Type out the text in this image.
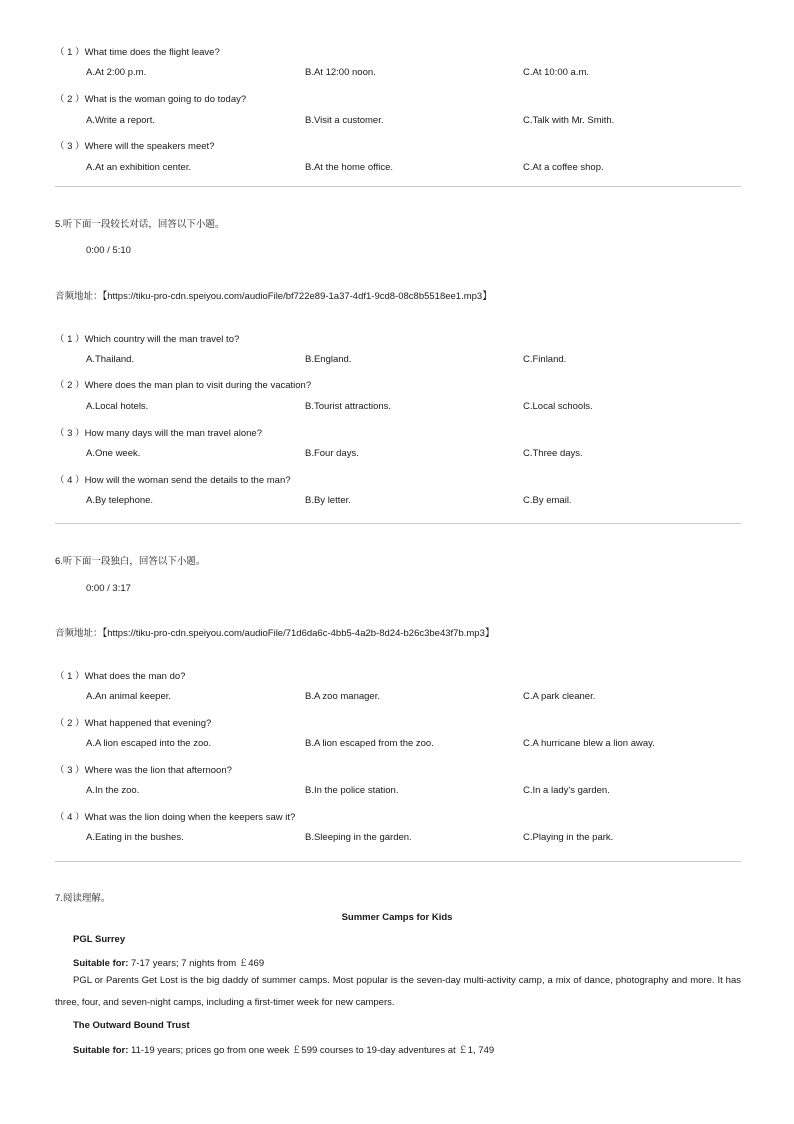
（ 1 ）What time does the flight leave?
A.At 2:00 p.m.	B.At 12:00 noon.	C.At 10:00 a.m.
（ 2 ）What is the woman going to do today?
A.Write a report.	B.Visit a customer.	C.Talk with Mr. Smith.
（ 3 ）Where will the speakers meet?
A.At an exhibition center.	B.At the home office.	C.At a coffee shop.
5.听下面一段较长对话，回答以下小题。
0:00 / 5:10
音频地址：【https://tiku-pro-cdn.speiyou.com/audioFile/bf722e89-1a37-4df1-9cd8-08c8b5518ee1.mp3】
（ 1 ）Which country will the man travel to?
A.Thailand.	B.England.	C.Finland.
（ 2 ）Where does the man plan to visit during the vacation?
A.Local hotels.	B.Tourist attractions.	C.Local schools.
（ 3 ）How many days will the man travel alone?
A.One week.	B.Four days.	C.Three days.
（ 4 ）How will the woman send the details to the man?
A.By telephone.	B.By letter.	C.By email.
6.听下面一段独白，回答以下小题。
0:00 / 3:17
音频地址：【https://tiku-pro-cdn.speiyou.com/audioFile/71d6da6c-4bb5-4a2b-8d24-b26c3be43f7b.mp3】
（ 1 ）What does the man do?
A.An animal keeper.	B.A zoo manager.	C.A park cleaner.
（ 2 ）What happened that evening?
A.A lion escaped into the zoo.	B.A lion escaped from the zoo.	C.A hurricane blew a lion away.
（ 3 ）Where was the lion that afternoon?
A.In the zoo.	B.In the police station.	C.In a lady's garden.
（ 4 ）What was the lion doing when the keepers saw it?
A.Eating in the bushes.	B.Sleeping in the garden.	C.Playing in the park.
7.阅读理解。
Summer Camps for Kids
PGL Surrey
Suitable for: 7-17 years; 7 nights from ￡469
PGL or Parents Get Lost is the big daddy of summer camps. Most popular is the seven-day multi-activity camp, a mix of dance, photography and more. It has three, four, and seven-night camps, including a first-timer week for new campers.
The Outward Bound Trust
Suitable for: 11-19 years; prices go from one week ￡599 courses to 19-day adventures at ￡1, 749
